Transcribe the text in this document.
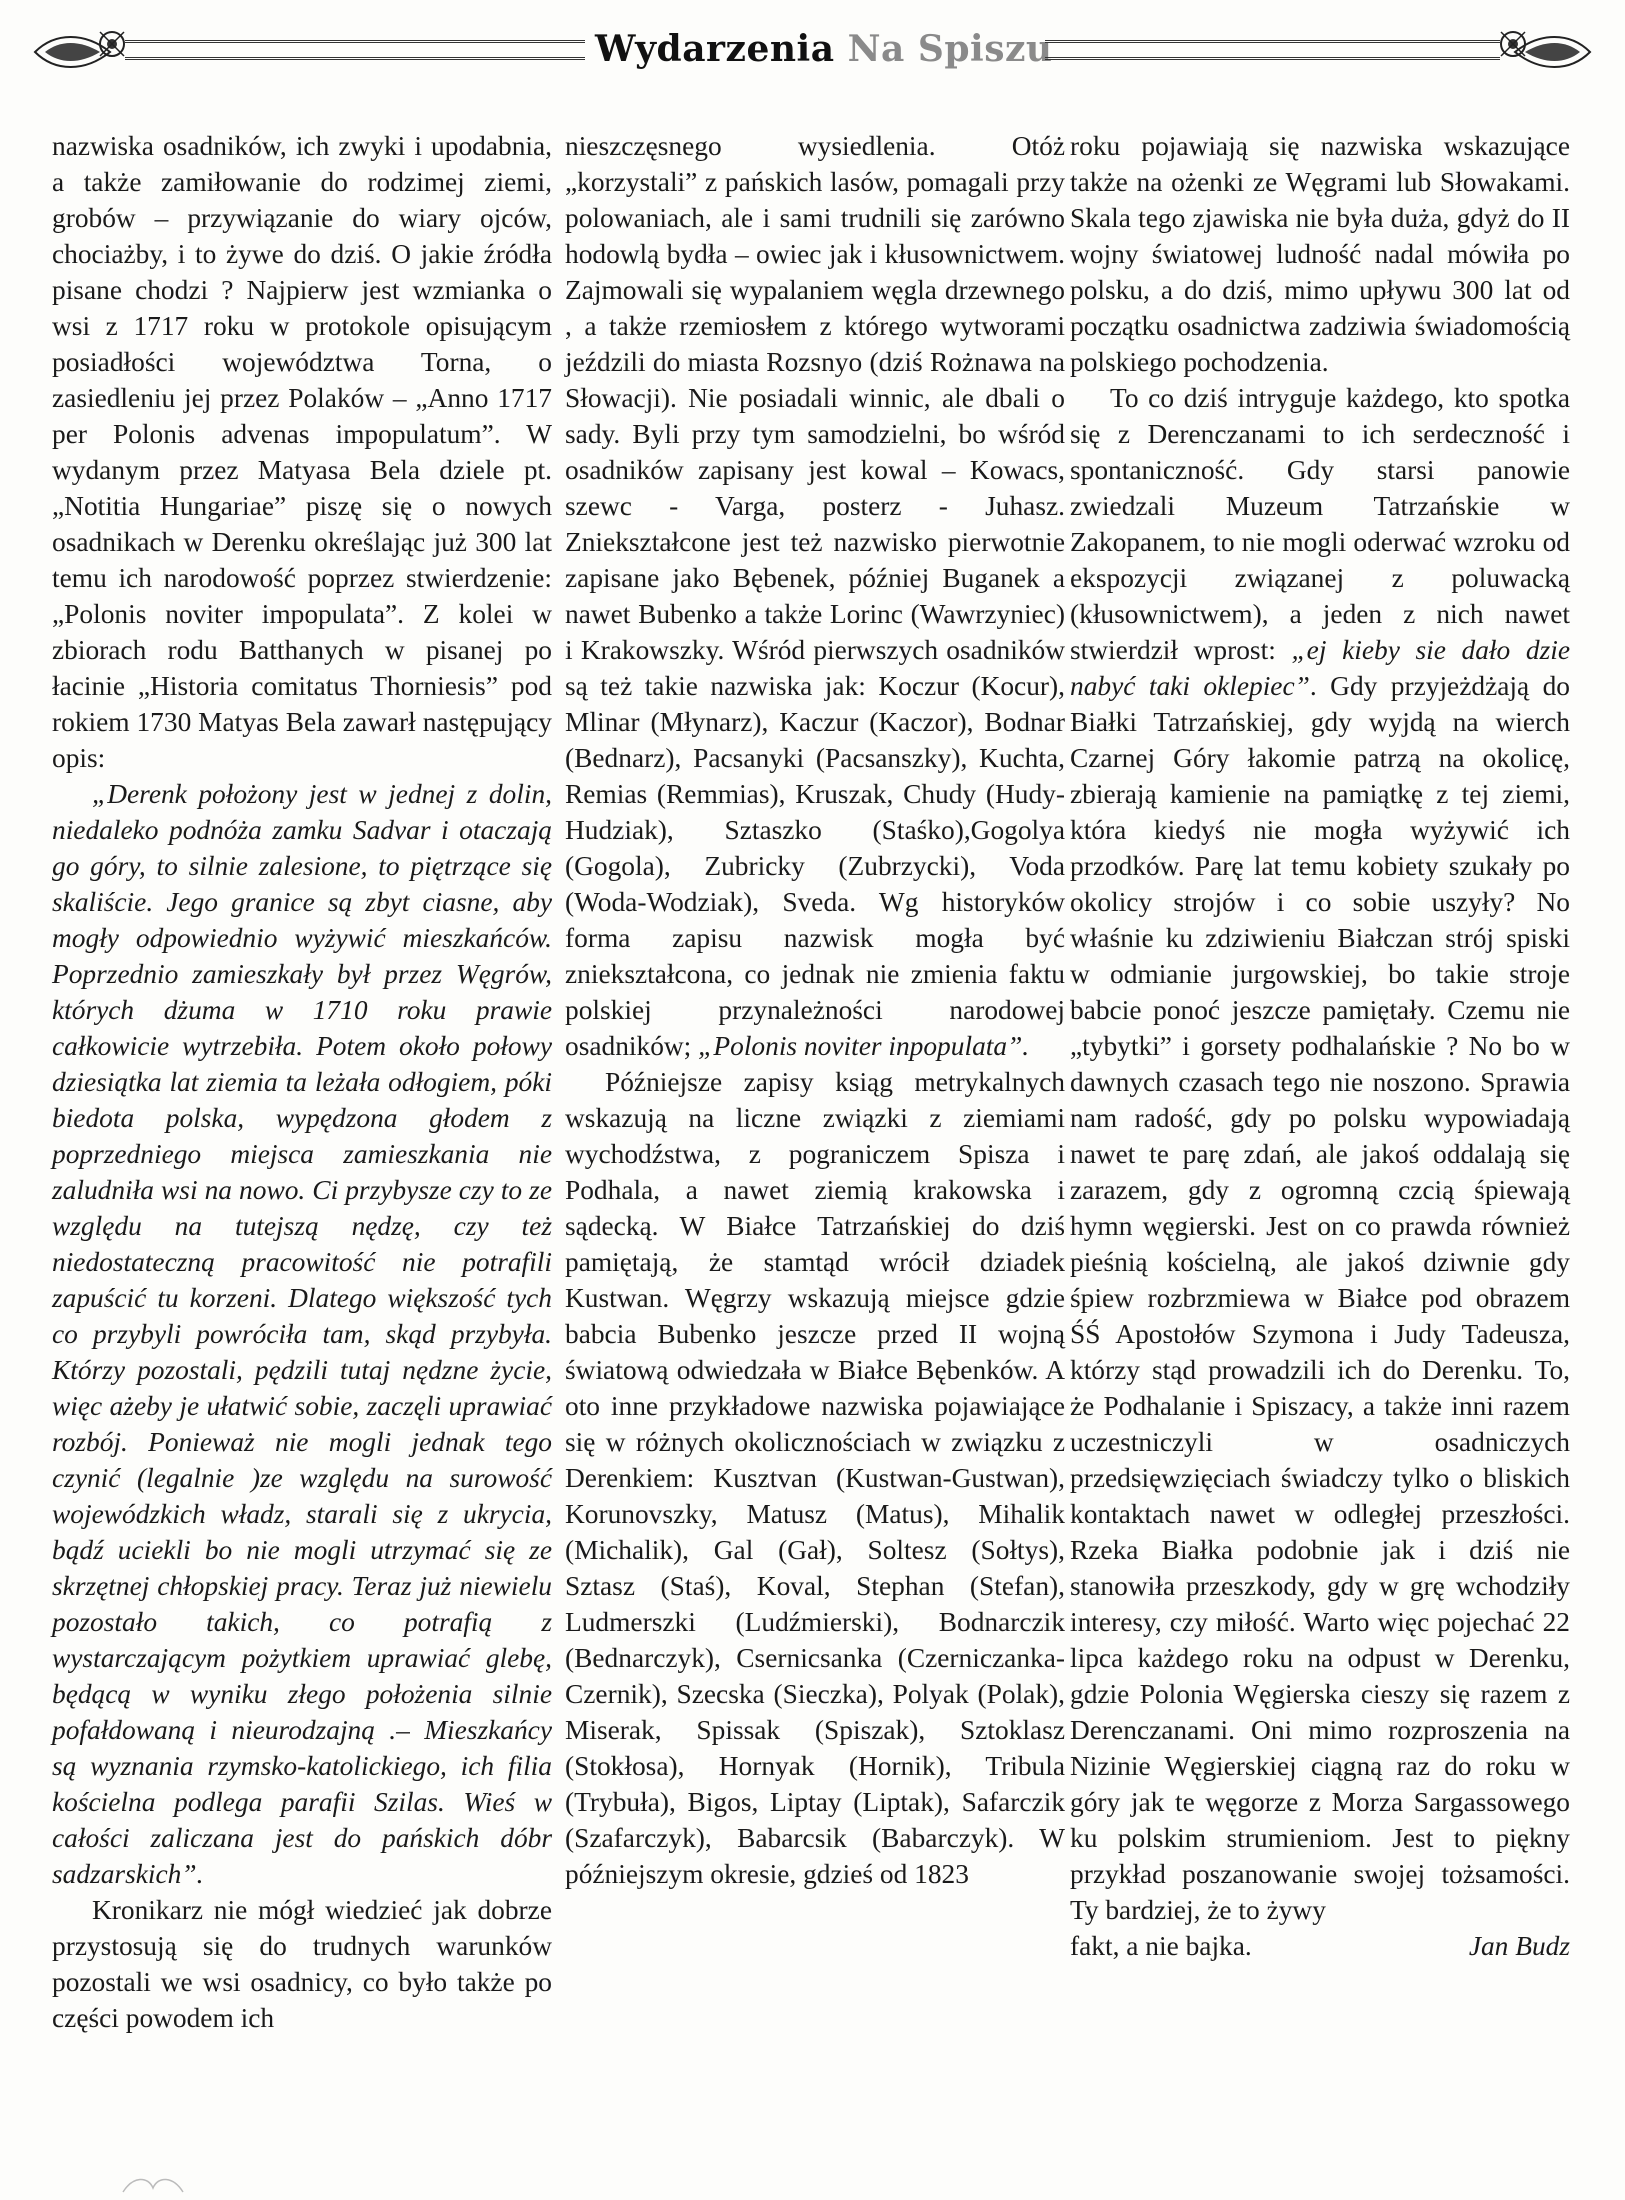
Wydarzenia Na Spiszu

nazwiska osadników, ich zwyki i upodabnia, a także zamiłowanie do rodzimej ziemi, grobów – przywiązanie do wiary ojców, chociażby, i to żywe do dziś. O jakie źródła pisane chodzi ? Najpierw jest wzmianka o wsi z 1717 roku w protokole opisującym posiadłości województwa Torna, o zasiedleniu jej przez Polaków – „Anno 1717 per Polonis advenas impopulatum”. W wydanym przez Matyasa Bela dziele pt. „Notitia Hungariae” piszę się o nowych osadnikach w Derenku określając już 300 lat temu ich narodowość poprzez stwierdzenie: „Polonis noviter impopulata”. Z kolei w zbiorach rodu Batthanych w pisanej po łacinie „Historia comitatus Thorniesis” pod rokiem 1730 Matyas Bela zawarł następujący opis:

„Derenk położony jest w jednej z dolin, niedaleko podnóża zamku Sadvar i otaczają go góry, to silnie zalesione, to piętrzące się skaliście. Jego granice są zbyt ciasne, aby mogły odpowiednio wyżywić mieszkańców. Poprzednio zamieszkały był przez Węgrów, których dżuma w 1710 roku prawie całkowicie wytrzebiła. Potem około połowy dziesiątka lat ziemia ta leżała odłogiem, póki biedota polska, wypędzona głodem z poprzedniego miejsca zamieszkania nie zaludniła wsi na nowo. Ci przybysze czy to ze względu na tutejszą nędzę, czy też niedostateczną pracowitość nie potrafili zapuścić tu korzeni. Dlatego większość tych co przybyli powróciła tam, skąd przybyła. Którzy pozostali, pędzili tutaj nędzne życie, więc ażeby je ułatwić sobie, zaczęli uprawiać rozbój. Ponieważ nie mogli jednak tego czynić (legalnie )ze względu na surowość wojewódzkich władz, starali się z ukrycia, bądź uciekli bo nie mogli utrzymać się ze skrzętnej chłopskiej pracy. Teraz już niewielu pozostało takich, co potrafią z wystarczającym pożytkiem uprawiać glebę, będącą w wyniku złego położenia silnie pofałdowaną i nieurodzajną .– Mieszkańcy są wyznania rzymsko-katolickiego, ich filia kościelna podlega parafii Szilas. Wieś w całości zaliczana jest do pańskich dóbr sadzarskich”.

Kronikarz nie mógł wiedzieć jak dobrze przystosują się do trudnych warunków pozostali we wsi osadnicy, co było także po części powodem ich

nieszczęsnego wysiedlenia. Otóż „korzystali” z pańskich lasów, pomagali przy polowaniach, ale i sami trudnili się zarówno hodowlą bydła – owiec jak i kłusownictwem. Zajmowali się wypalaniem węgla drzewnego , a także rzemiosłem z którego wytworami jeździli do miasta Rozsnyo (dziś Rożnawa na Słowacji). Nie posiadali winnic, ale dbali o sady. Byli przy tym samodzielni, bo wśród osadników zapisany jest kowal – Kowacs, szewc - Varga, posterz - Juhasz. Zniekształcone jest też nazwisko pierwotnie zapisane jako Bębenek, później Buganek a nawet Bubenko a także Lorinc (Wawrzyniec) i Krakowszky. Wśród pierwszych osadników są też takie nazwiska jak: Koczur (Kocur), Mlinar (Młynarz), Kaczur (Kaczor), Bodnar (Bednarz), Pacsanyki (Pacsanszky), Kuchta, Remias (Remmias), Kruszak, Chudy (Hudy-Hudziak), Sztaszko (Staśko),Gogolya (Gogola), Zubricky (Zubrzycki), Voda (Woda-Wodziak), Sveda. Wg historyków forma zapisu nazwisk mogła być zniekształcona, co jednak nie zmienia faktu polskiej przynależności narodowej osadników; „Polonis noviter inpopulata”.

Późniejsze zapisy ksiąg metrykalnych wskazują na liczne związki z ziemiami wychodźstwa, z pograniczem Spisza i Podhala, a nawet ziemią krakowska i sądecką. W Białce Tatrzańskiej do dziś pamiętają, że stamtąd wrócił dziadek Kustwan. Węgrzy wskazują miejsce gdzie babcia Bubenko jeszcze przed II wojną światową odwiedzała w Białce Bębenków. A oto inne przykładowe nazwiska pojawiające się w różnych okolicznościach w związku z Derenkiem: Kusztvan (Kustwan-Gustwan), Korunovszky, Matusz (Matus), Mihalik (Michalik), Gal (Gał), Soltesz (Sołtys), Sztasz (Staś), Koval, Stephan (Stefan), Ludmerszki (Ludźmierski), Bodnarczik (Bednarczyk), Csernicsanka (Czerniczanka-Czernik), Szecska (Sieczka), Polyak (Polak), Miserak, Spissak (Spiszak), Sztoklasz (Stokłosa), Hornyak (Hornik), Tribula (Trybuła), Bigos, Liptay (Liptak), Safarczik (Szafarczyk), Babarcsik (Babarczyk). W późniejszym okresie, gdzieś od 1823

roku pojawiają się nazwiska wskazujące także na ożenki ze Węgrami lub Słowakami. Skala tego zjawiska nie była duża, gdyż do II wojny światowej ludność nadal mówiła po polsku, a do dziś, mimo upływu 300 lat od początku osadnictwa zadziwia świadomością polskiego pochodzenia.

To co dziś intryguje każdego, kto spotka się z Derenczanami to ich serdeczność i spontaniczność. Gdy starsi panowie zwiedzali Muzeum Tatrzańskie w Zakopanem, to nie mogli oderwać wzroku od ekspozycji związanej z poluwacką (kłusownictwem), a jeden z nich nawet stwierdził wprost: „ej kieby sie dało dzie nabyć taki oklepiec”. Gdy przyjeżdżają do Białki Tatrzańskiej, gdy wyjdą na wierch Czarnej Góry łakomie patrzą na okolicę, zbierają kamienie na pamiątkę z tej ziemi, która kiedyś nie mogła wyżywić ich przodków. Parę lat temu kobiety szukały po okolicy strojów i co sobie uszyły? No właśnie ku zdziwieniu Białczan strój spiski w odmianie jurgowskiej, bo takie stroje babcie ponoć jeszcze pamiętały. Czemu nie „tybytki” i gorsety podhalańskie ? No bo w dawnych czasach tego nie noszono. Sprawia nam radość, gdy po polsku wypowiadają nawet te parę zdań, ale jakoś oddalają się zarazem, gdy z ogromną czcią śpiewają hymn węgierski. Jest on co prawda również pieśnią kościelną, ale jakoś dziwnie gdy śpiew rozbrzmiewa w Białce pod obrazem ŚŚ Apostołów Szymona i Judy Tadeusza, którzy stąd prowadzili ich do Derenku. To, że Podhalanie i Spiszacy, a także inni razem uczestniczyli w osadniczych przedsięwzięciach świadczy tylko o bliskich kontaktach nawet w odległej przeszłości. Rzeka Białka podobnie jak i dziś nie stanowiła przeszkody, gdy w grę wchodziły interesy, czy miłość. Warto więc pojechać 22 lipca każdego roku na odpust w Derenku, gdzie Polonia Węgierska cieszy się razem z Derenczanami. Oni mimo rozproszenia na Nizinie Węgierskiej ciągną raz do roku w góry jak te węgorze z Morza Sargassowego ku polskim strumieniom. Jest to piękny przykład poszanowanie swojej tożsamości. Ty bardziej, że to żywy

fakt, a nie bajka.	Jan Budz
